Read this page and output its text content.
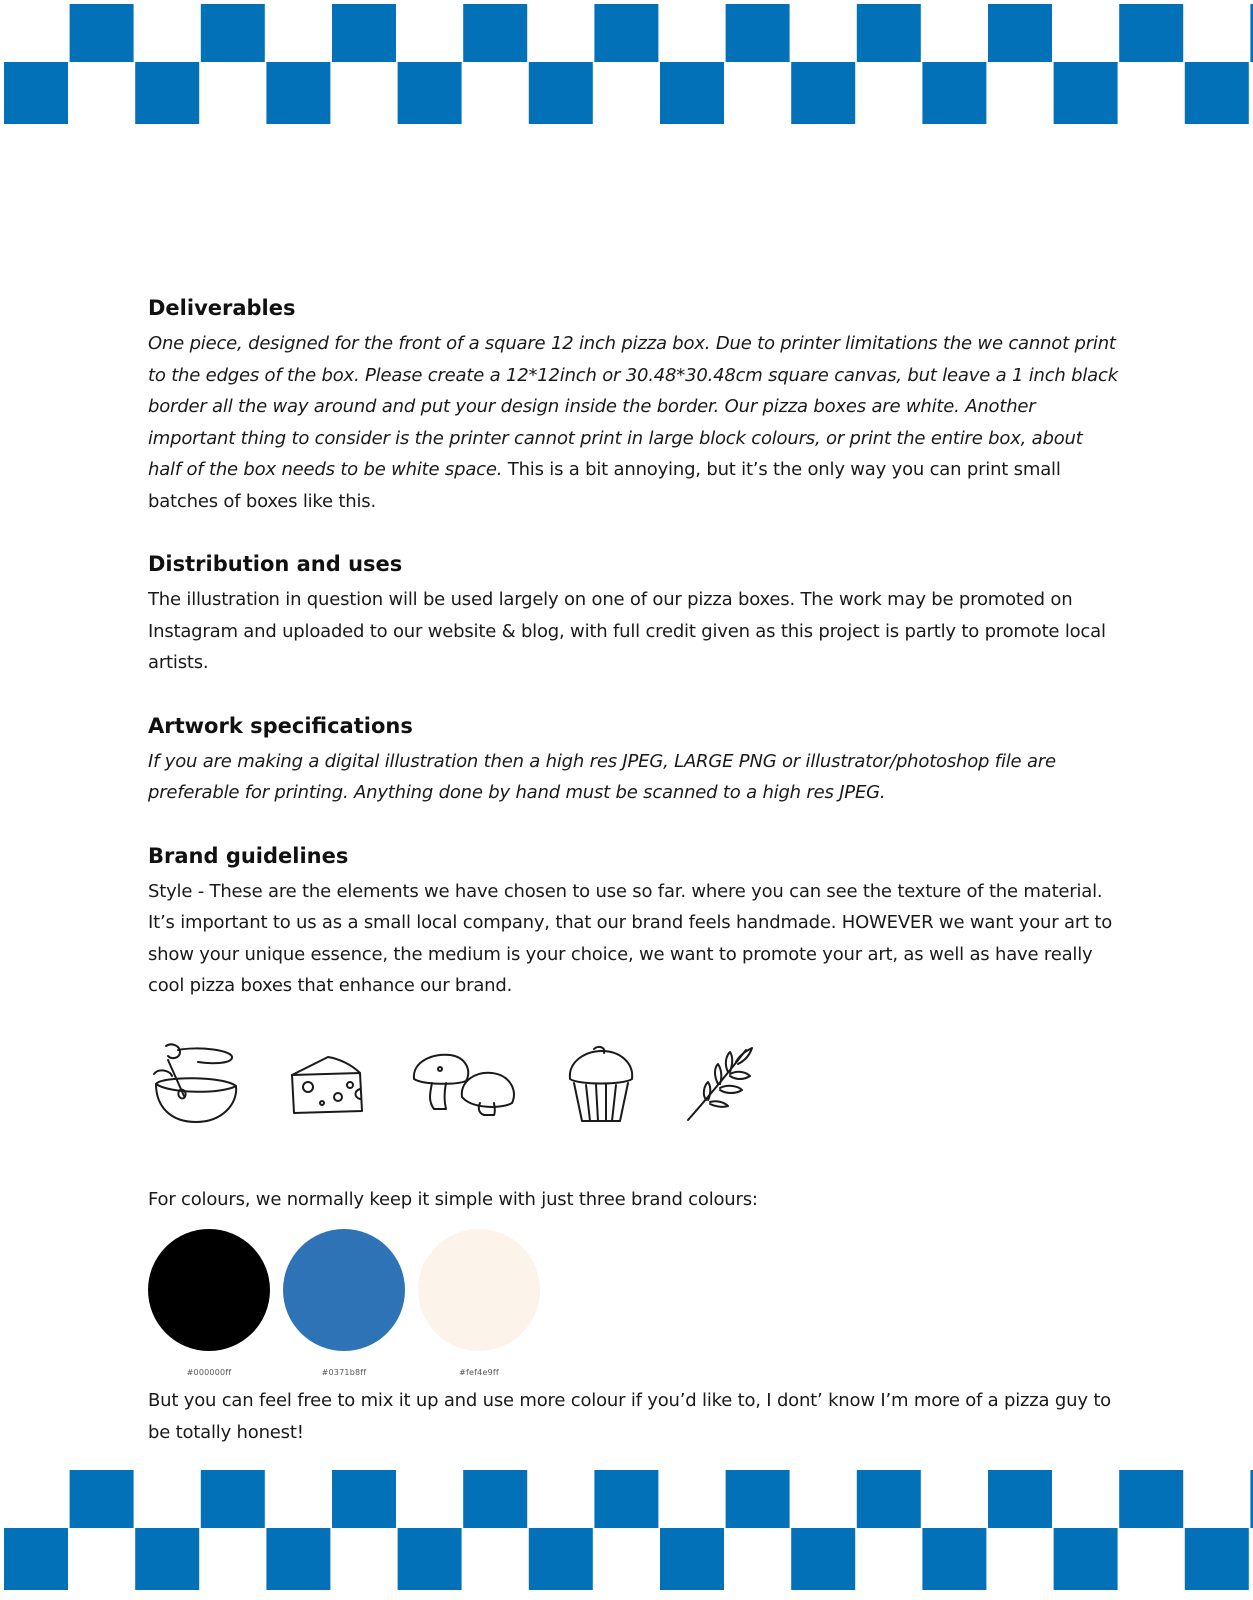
Deliverables

One piece, designed for the front of a square 12 inch pizza box. Due to printer limitations the we cannot print to the edges of the box. Please create a 12*12inch or 30.48*30.48cm square canvas, but leave a 1 inch black border all the way around and put your design inside the border. Our pizza boxes are white. Another important thing to consider is the printer cannot print in large block colours, or print the entire box, about half of the box needs to be white space. This is a bit annoying, but it’s the only way you can print small batches of boxes like this.

Distribution and uses

The illustration in question will be used largely on one of our pizza boxes. The work may be promoted on Instagram and uploaded to our website & blog, with full credit given as this project is partly to promote local artists.

Artwork specifications

If you are making a digital illustration then a high res JPEG, LARGE PNG or illustrator/photoshop file are preferable for printing. Anything done by hand must be scanned to a high res JPEG.

Brand guidelines

Style - These are the elements we have chosen to use so far. where you can see the texture of the material. It’s important to us as a small local company, that our brand feels handmade. HOWEVER we want your art to show your unique essence, the medium is your choice, we want to promote your art, as well as have really cool pizza boxes that enhance our brand.

For colours, we normally keep it simple with just three brand colours:

#000000ff	#0371b8ff	#fef4e9ff

But you can feel free to mix it up and use more colour if you’d like to, I dont’ know I’m more of a pizza guy to be totally honest!
